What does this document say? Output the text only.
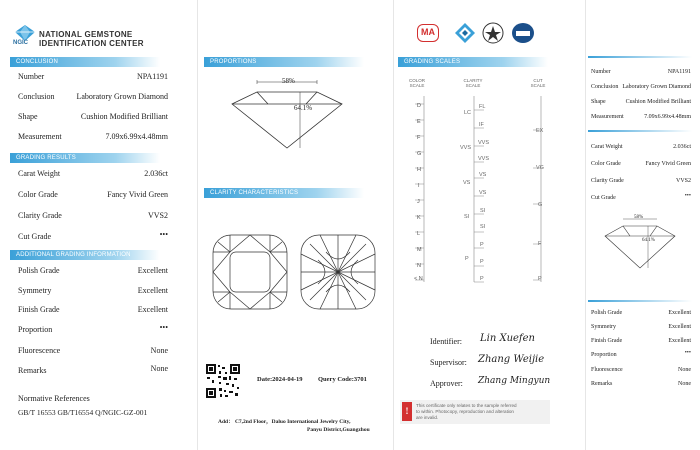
NGIC
NATIONAL GEMSTONE
IDENTIFICATION CENTER
CONCLUSION
Number	NPA1191
Conclusion	Laboratory Grown Diamond
Shape	Cushion Modified Brilliant
Measurement	7.09x6.99x4.48mm
GRADING RESULTS
Carat Weight	2.036ct
Color Grade	Fancy Vivid Green
Clarity Grade	VVS2
Cut Grade	•••
ADDITIONAL GRADING INFORMATION
Polish Grade	Excellent
Symmetry	Excellent
Finish Grade	Excellent
Proportion	•••
Fluorescence	None
Remarks	None
Normative References
GB/T 16553 GB/T16554 Q/NGIC-GZ-001
PROPORTIONS
58%
64.1%
CLARITY CHARACTERISTICS
Date:2024-04-19 Query Code:3701
Add： C7,2nd Floor，Daluo International Jewelry City,
Panyu District,Guangzhou
MA
GRADING SCALES
COLOR SCALE
CLARITY SCALE
CUT SCALE
D
E
F
G
H
I
J
K
L
M
N
< N
LC
VVS
VS
SI
P
FL
IF
VVS
VVS
VS
VS
SI
SI
P
P
P
EX
VG
G
F
P
Identifier: Lin Xuefen
Supervisor: Zhang Weijie
Approver: Zhang Mingyun
!
This certificate only relates to the sample referred
to within. Photocopy, reproduction and alteration
are invalid.
Number	NPA1191
Conclusion Laboratory Grown Diamond
Shape	Cushion Modified Brilliant
Measurement	7.09x6.99x4.48mm
Carat Weight	2.036ct
Color Grade	Fancy Vivid Green
Clarity Grade	VVS2
Cut Grade	•••
58%
64.1%
Polish Grade	Excellent
Symmetry	Excellent
Finish Grade	Excellent
Proportion	•••
Fluorescence	None
Remarks	None
